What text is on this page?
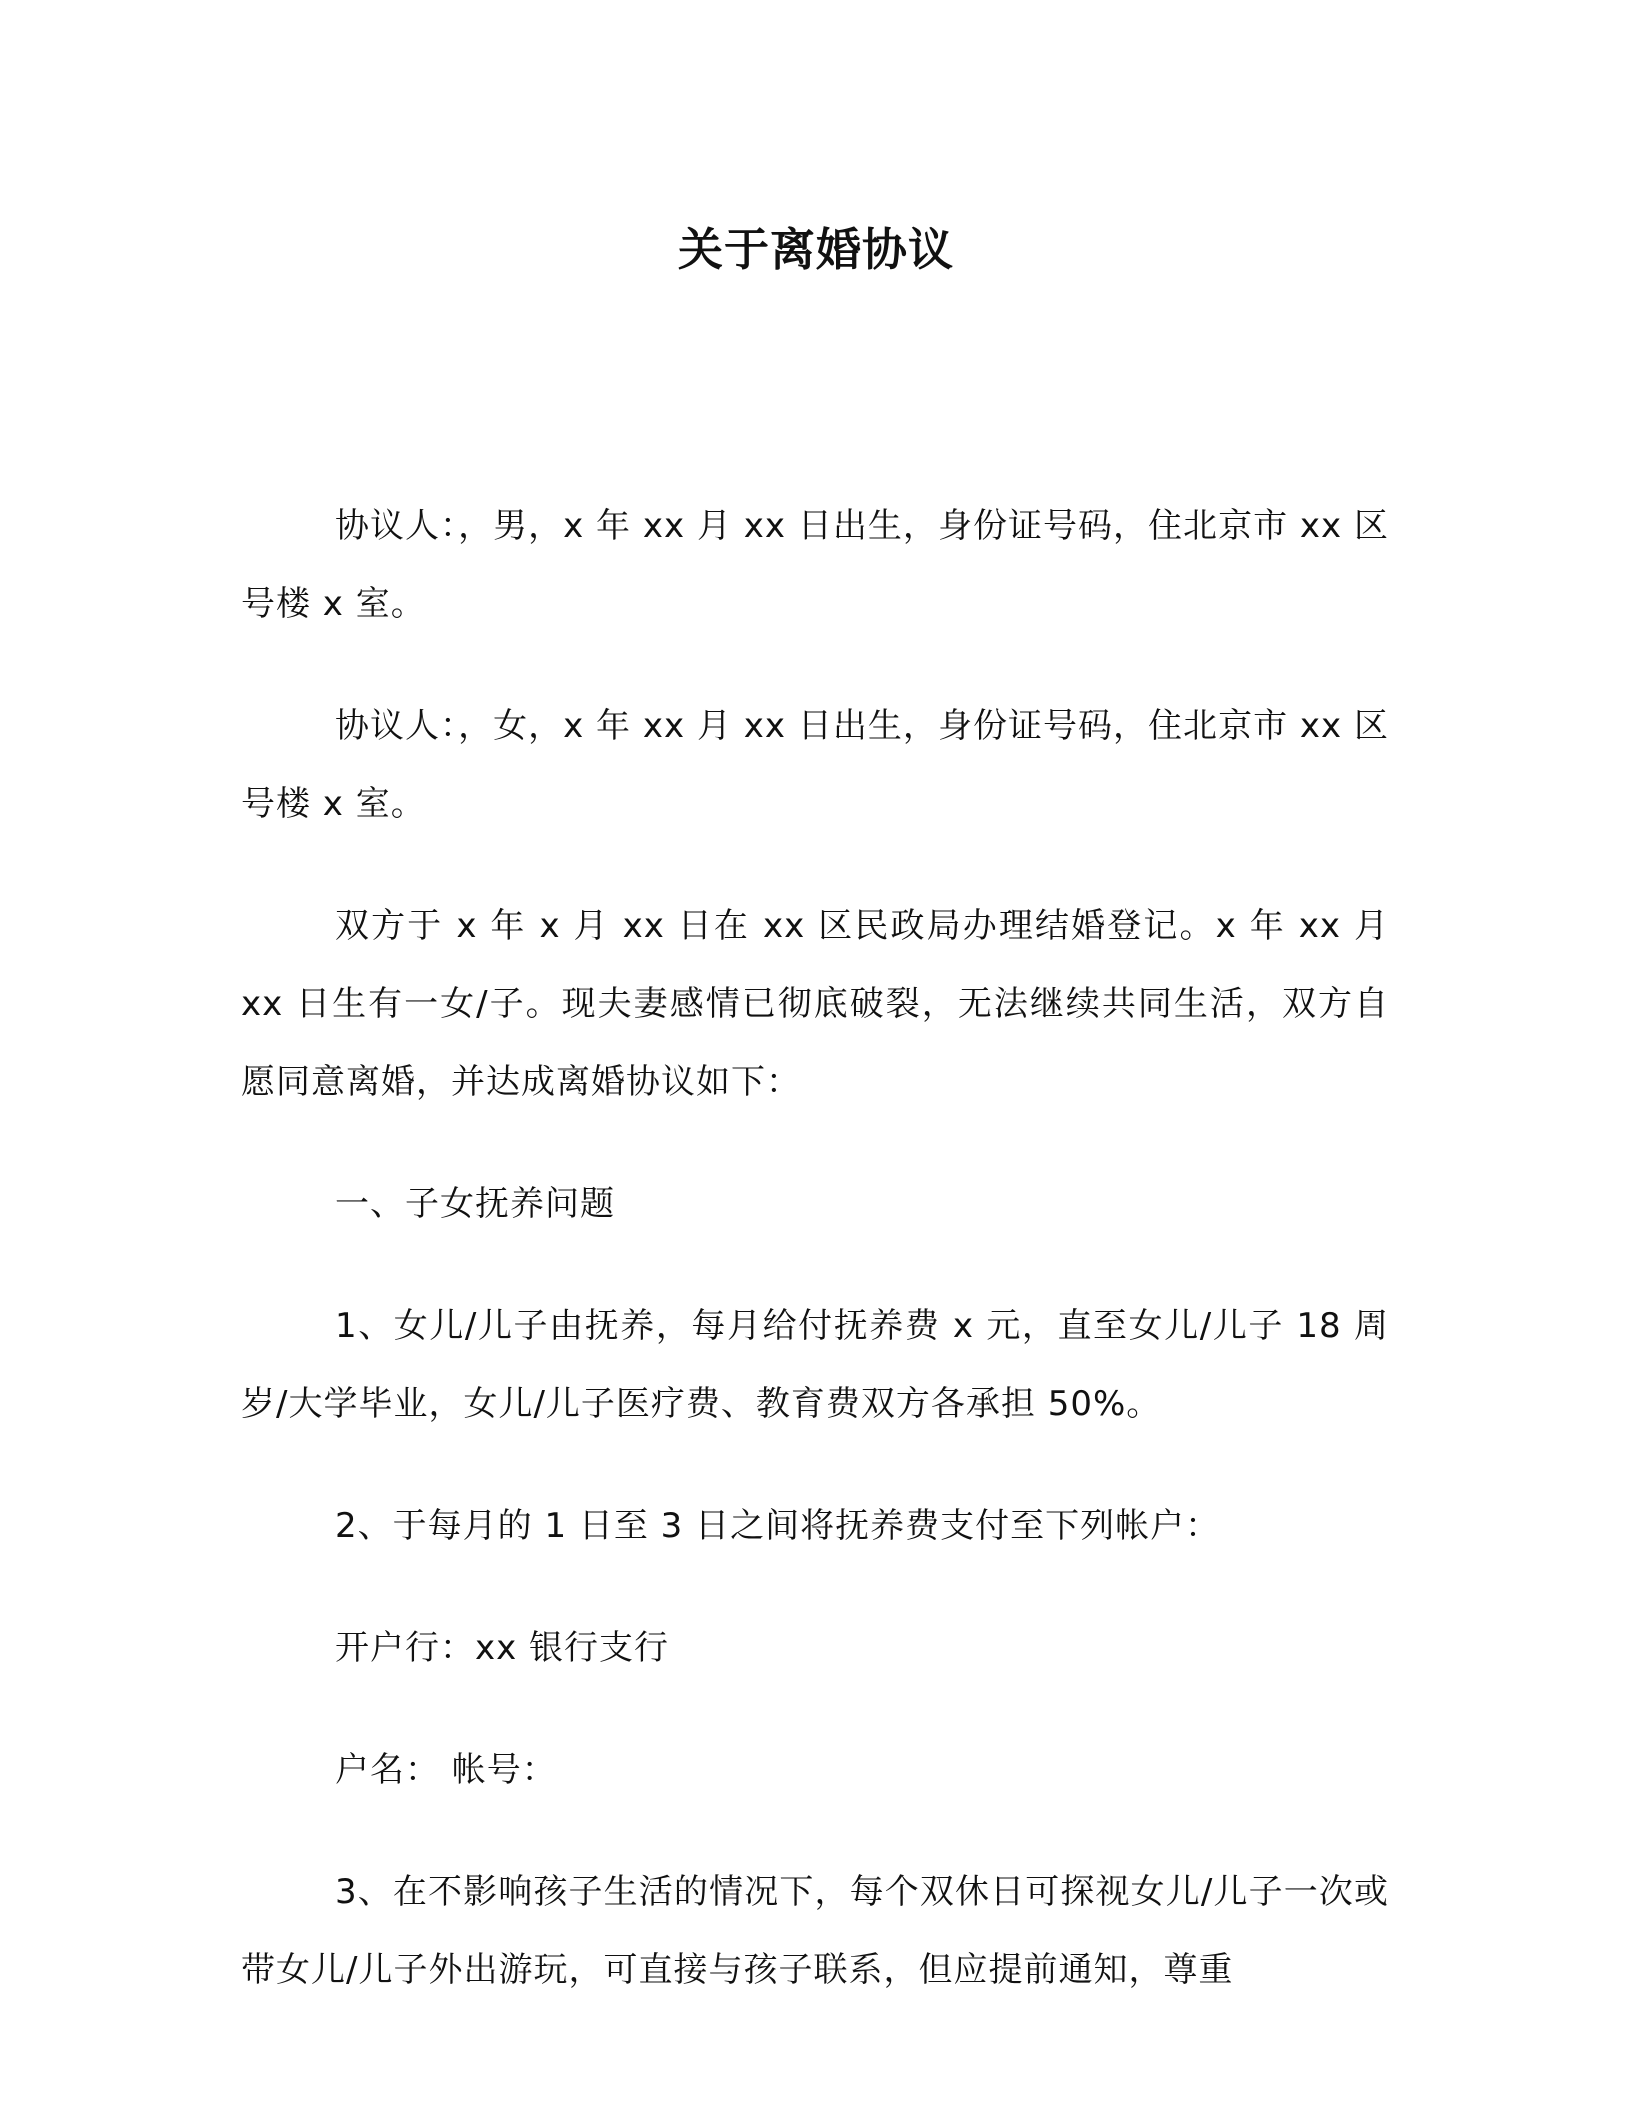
关于离婚协议

协议人：，男，x 年 xx 月 xx 日出生，身份证号码，住北京市 xx 区号楼 x 室。

协议人：，女，x 年 xx 月 xx 日出生，身份证号码，住北京市 xx 区号楼 x 室。

双方于 x 年 x 月 xx 日在 xx 区民政局办理结婚登记。x 年 xx 月 xx 日生有一女/子。现夫妻感情已彻底破裂，无法继续共同生活，双方自愿同意离婚，并达成离婚协议如下：

一、子女抚养问题

1、女儿/儿子由抚养，每月给付抚养费 x 元，直至女儿/儿子 18 周岁/大学毕业，女儿/儿子医疗费、教育费双方各承担 50%。

2、于每月的 1 日至 3 日之间将抚养费支付至下列帐户：

开户行：xx 银行支行

户名： 帐号：

3、在不影响孩子生活的情况下，每个双休日可探视女儿/儿子一次或带女儿/儿子外出游玩，可直接与孩子联系，但应提前通知，尊重
